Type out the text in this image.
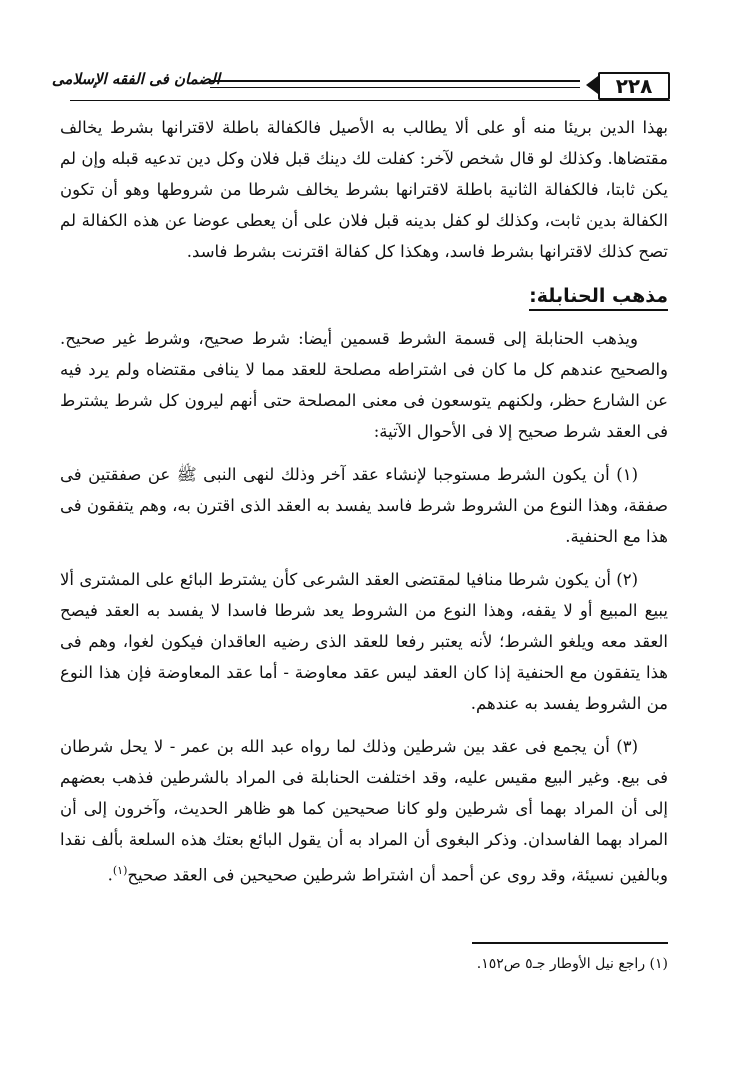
٢٢٨
الضمان فى الفقه الإسلامى

بهذا الدين بريئا منه أو على ألا يطالب به الأصيل فالكفالة باطلة لاقترانها بشرط يخالف مقتضاها. وكذلك لو قال شخص لآخر: كفلت لك دينك قبل فلان وكل دين تدعيه قبله وإن لم يكن ثابتا، فالكفالة الثانية باطلة لاقترانها بشرط يخالف شرطا من شروطها وهو أن تكون الكفالة بدين ثابت، وكذلك لو كفل بدينه قبل فلان على أن يعطى عوضا عن هذه الكفالة لم تصح كذلك لاقترانها بشرط فاسد، وهكذا كل كفالة اقترنت بشرط فاسد.

مذهب الحنابلة:

ويذهب الحنابلة إلى قسمة الشرط قسمين أيضا: شرط صحيح، وشرط غير صحيح. والصحيح عندهم كل ما كان فى اشتراطه مصلحة للعقد مما لا ينافى مقتضاه ولم يرد فيه عن الشارع حظر، ولكنهم يتوسعون فى معنى المصلحة حتى أنهم ليرون كل شرط يشترط فى العقد شرط صحيح إلا فى الأحوال الآتية:

(١) أن يكون الشرط مستوجبا لإنشاء عقد آخر وذلك لنهى النبى ﷺ عن صفقتين فى صفقة، وهذا النوع من الشروط شرط فاسد يفسد به العقد الذى اقترن به، وهم يتفقون فى هذا مع الحنفية.

(٢) أن يكون شرطا منافيا لمقتضى العقد الشرعى كأن يشترط البائع على المشترى ألا يبيع المبيع أو لا يقفه، وهذا النوع من الشروط يعد شرطا فاسدا لا يفسد به العقد فيصح العقد معه ويلغو الشرط؛ لأنه يعتبر رفعا للعقد الذى رضيه العاقدان فيكون لغوا، وهم فى هذا يتفقون مع الحنفية إذا كان العقد ليس عقد معاوضة - أما عقد المعاوضة فإن هذا النوع من الشروط يفسد به عندهم.

(٣) أن يجمع فى عقد بين شرطين وذلك لما رواه عبد الله بن عمر - لا يحل شرطان فى بيع. وغير البيع مقيس عليه، وقد اختلفت الحنابلة فى المراد بالشرطين فذهب بعضهم إلى أن المراد بهما أى شرطين ولو كانا صحيحين كما هو ظاهر الحديث، وآخرون إلى أن المراد بهما الفاسدان. وذكر البغوى أن المراد به أن يقول البائع بعتك هذه السلعة بألف نقدا وبالفين نسيئة، وقد روى عن أحمد أن اشتراط شرطين صحيحين فى العقد صحيح$^{(١)}$.

(١) راجع نيل الأوطار جـ٥ ص١٥٢.
